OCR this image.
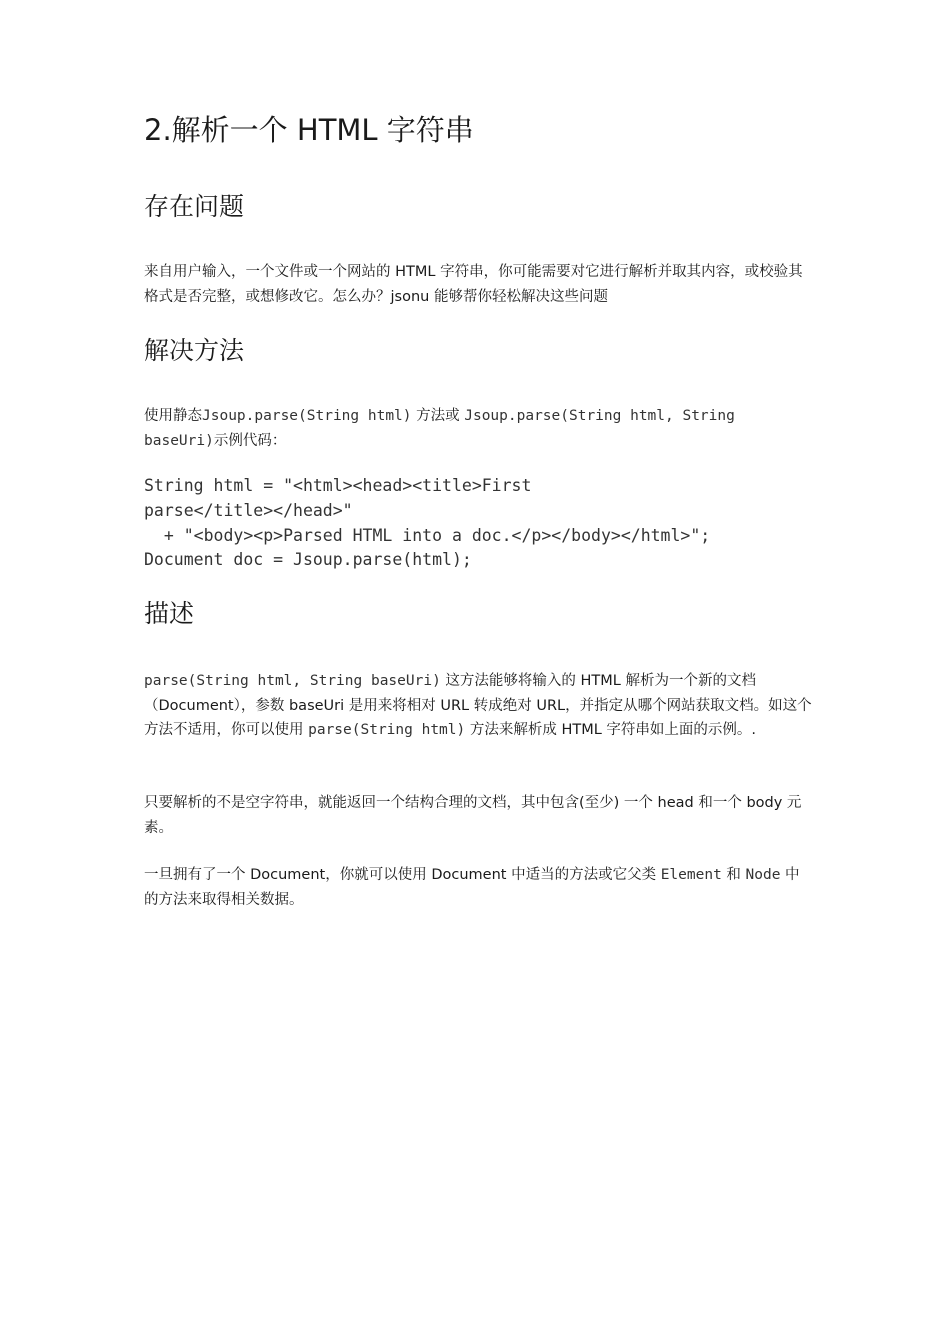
2.解析一个 HTML 字符串
存在问题

来自用户输入，一个文件或一个网站的 HTML 字符串，你可能需要对它进行解析并取其内容，或校验其格式是否完整，或想修改它。怎么办？jsonu 能够帮你轻松解决这些问题

解决方法

使用静态Jsoup.parse(String html) 方法或 Jsoup.parse(String html, String baseUri)示例代码：

String html = "<html><head><title>First
parse</title></head>"
+ "<body><p>Parsed HTML into a doc.</p></body></html>";
Document doc = Jsoup.parse(html);
描述

parse(String html, String baseUri) 这方法能够将输入的 HTML 解析为一个新的文档（Document），参数 baseUri 是用来将相对 URL 转成绝对 URL，并指定从哪个网站获取文档。如这个方法不适用，你可以使用 parse(String html) 方法来解析成 HTML 字符串如上面的示例。.

只要解析的不是空字符串，就能返回一个结构合理的文档，其中包含(至少) 一个 head 和一个 body 元素。

一旦拥有了一个 Document，你就可以使用 Document 中适当的方法或它父类 Element 和 Node 中的方法来取得相关数据。
